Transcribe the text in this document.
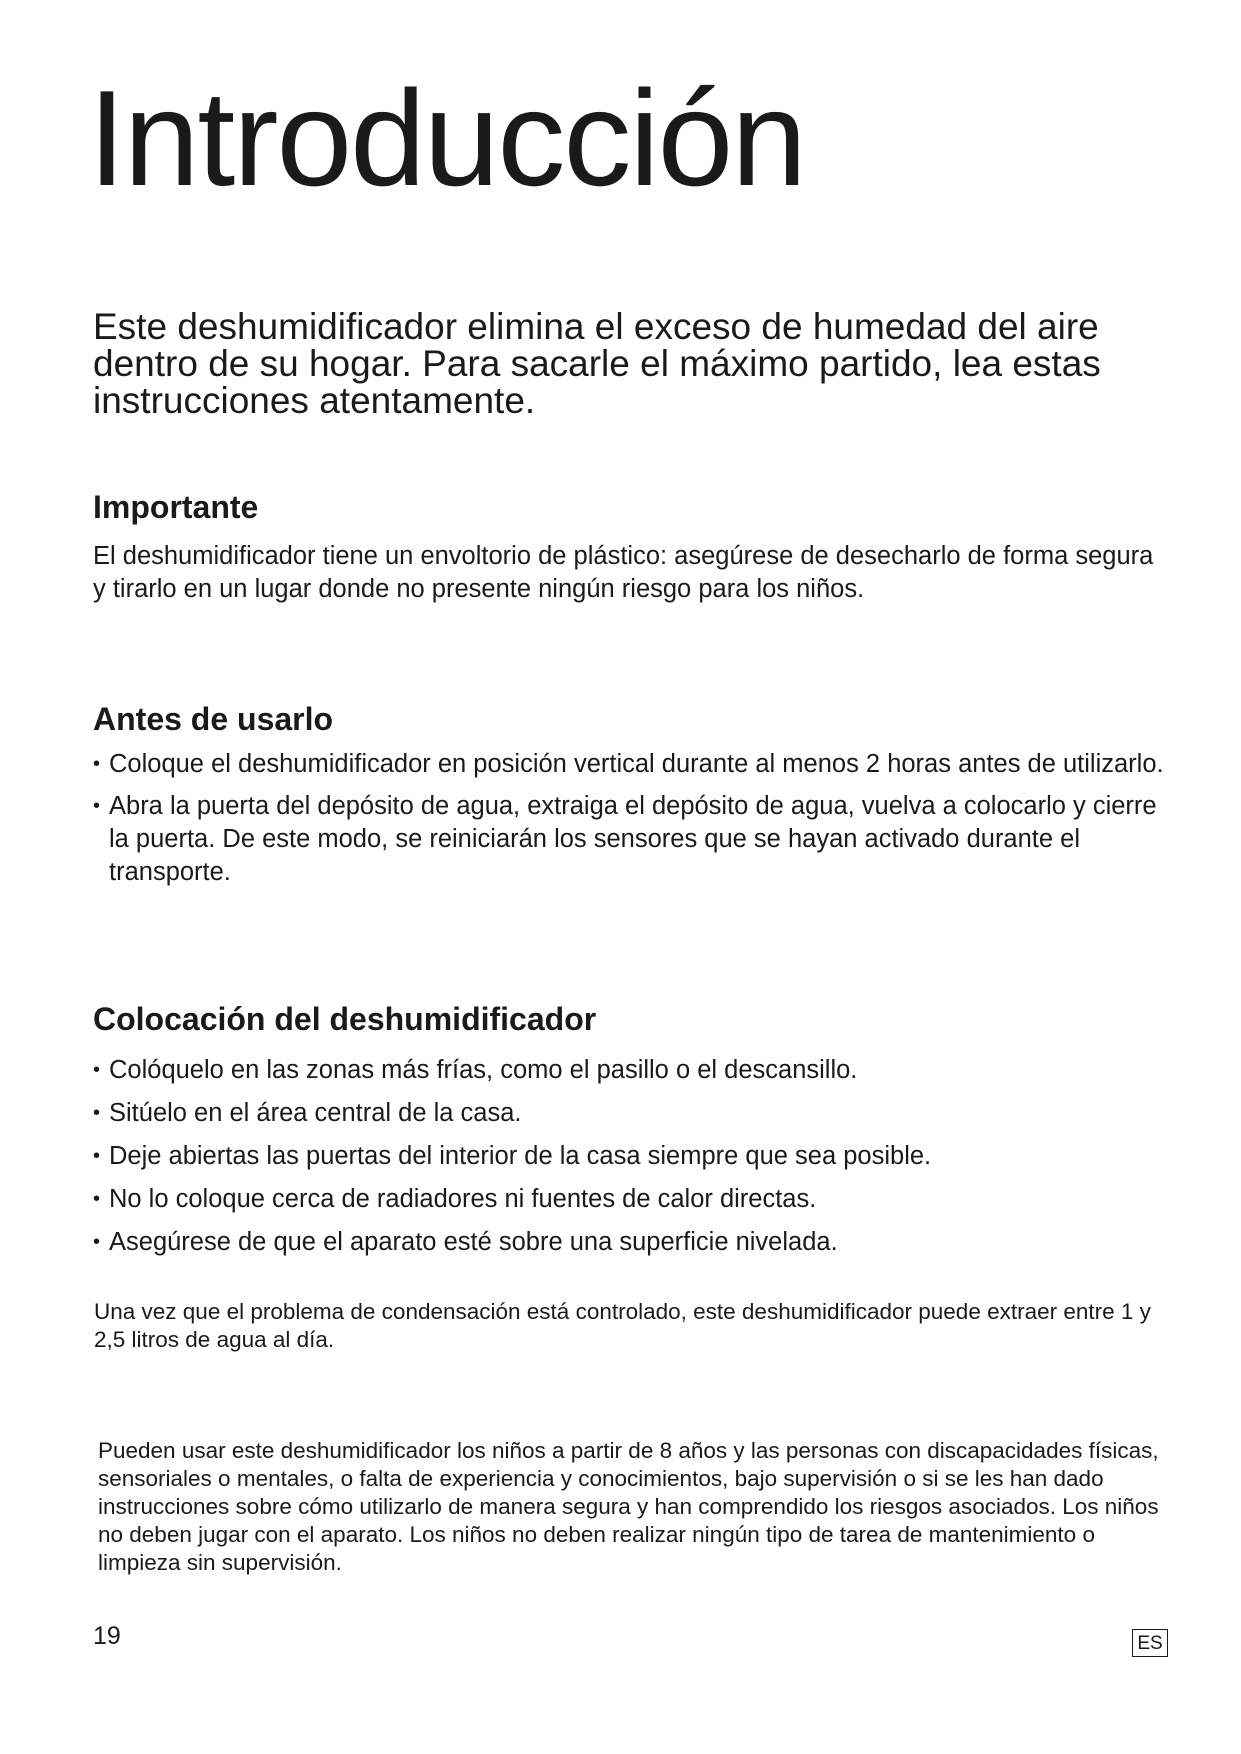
Introducción

Este deshumidificador elimina el exceso de humedad del aire dentro de su hogar. Para sacarle el máximo partido, lea estas instrucciones atentamente.

Importante

El deshumidificador tiene un envoltorio de plástico: asegúrese de desecharlo de forma segura y tirarlo en un lugar donde no presente ningún riesgo para los niños.

Antes de usarlo
• Coloque el deshumidificador en posición vertical durante al menos 2 horas antes de utilizarlo.
• Abra la puerta del depósito de agua, extraiga el depósito de agua, vuelva a colocarlo y cierre la puerta. De este modo, se reiniciarán los sensores que se hayan activado durante el transporte.
Colocación del deshumidificador
• Colóquelo en las zonas más frías, como el pasillo o el descansillo.
• Sitúelo en el área central de la casa.
• Deje abiertas las puertas del interior de la casa siempre que sea posible.
• No lo coloque cerca de radiadores ni fuentes de calor directas.
• Asegúrese de que el aparato esté sobre una superficie nivelada.

Una vez que el problema de condensación está controlado, este deshumidificador puede extraer entre 1 y 2,5 litros de agua al día.

Pueden usar este deshumidificador los niños a partir de 8 años y las personas con discapacidades físicas, sensoriales o mentales, o falta de experiencia y conocimientos, bajo supervisión o si se les han dado instrucciones sobre cómo utilizarlo de manera segura y han comprendido los riesgos asociados. Los niños no deben jugar con el aparato. Los niños no deben realizar ningún tipo de tarea de mantenimiento o limpieza sin supervisión.

19	ES
